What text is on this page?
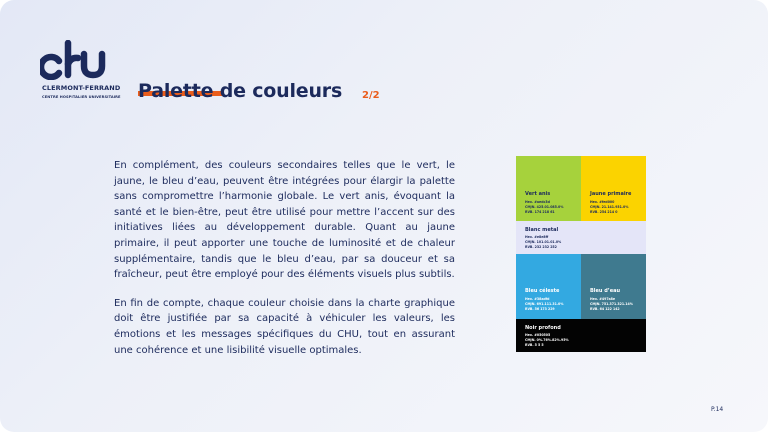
CLERMONT-FERRAND
CENTRE HOSPITALIER UNIVERSITAIRE Palette de couleurs 2/2

En complément, des couleurs secondaires telles que le vert, le jaune, le bleu d’eau, peuvent être intégrées pour élargir la palette sans compromettre l’harmonie globale. Le vert anis, évoquant la santé et le bien-être, peut être utilisé pour mettre l’accent sur des initiatives liées au développement durable. Quant au jaune primaire, il peut apporter une touche de luminosité et de chaleur supplémentaire, tandis que le bleu d’eau, par sa douceur et sa fraîcheur, peut être employé pour des éléments visuels plus subtils.

En fin de compte, chaque couleur choisie dans la charte graphique doit être justifiée par sa capacité à véhiculer les valeurs, les émotions et les messages spécifiques du CHU, tout en assurant une cohérence et une lisibilité visuelle optimales.

Vert anis
Hex. #aedc3d
CMJN. 425.01.085.0%
RVB. 174 218 61
Jaune primaire
Hex. #fed000
CMJN. 21.141.931.0%
RVB. 254 214 0
Blanc metal
Hex. #e8e8ff
CMJN. 101.01.01.0%
RVB. 232 232 252
Bleu céleste
Hex. #38adfd
CMJN. 691.111.31.0%
RVB. 56 173 229
Bleu d’eau
Hex. #497a8e
CMJN. 751.371.321.14%
RVB. 64 122 142
Noir profond
Hex. #050505
CMJN. 0%.76%.82%.95%
RVB. 5 5 5
P.14
